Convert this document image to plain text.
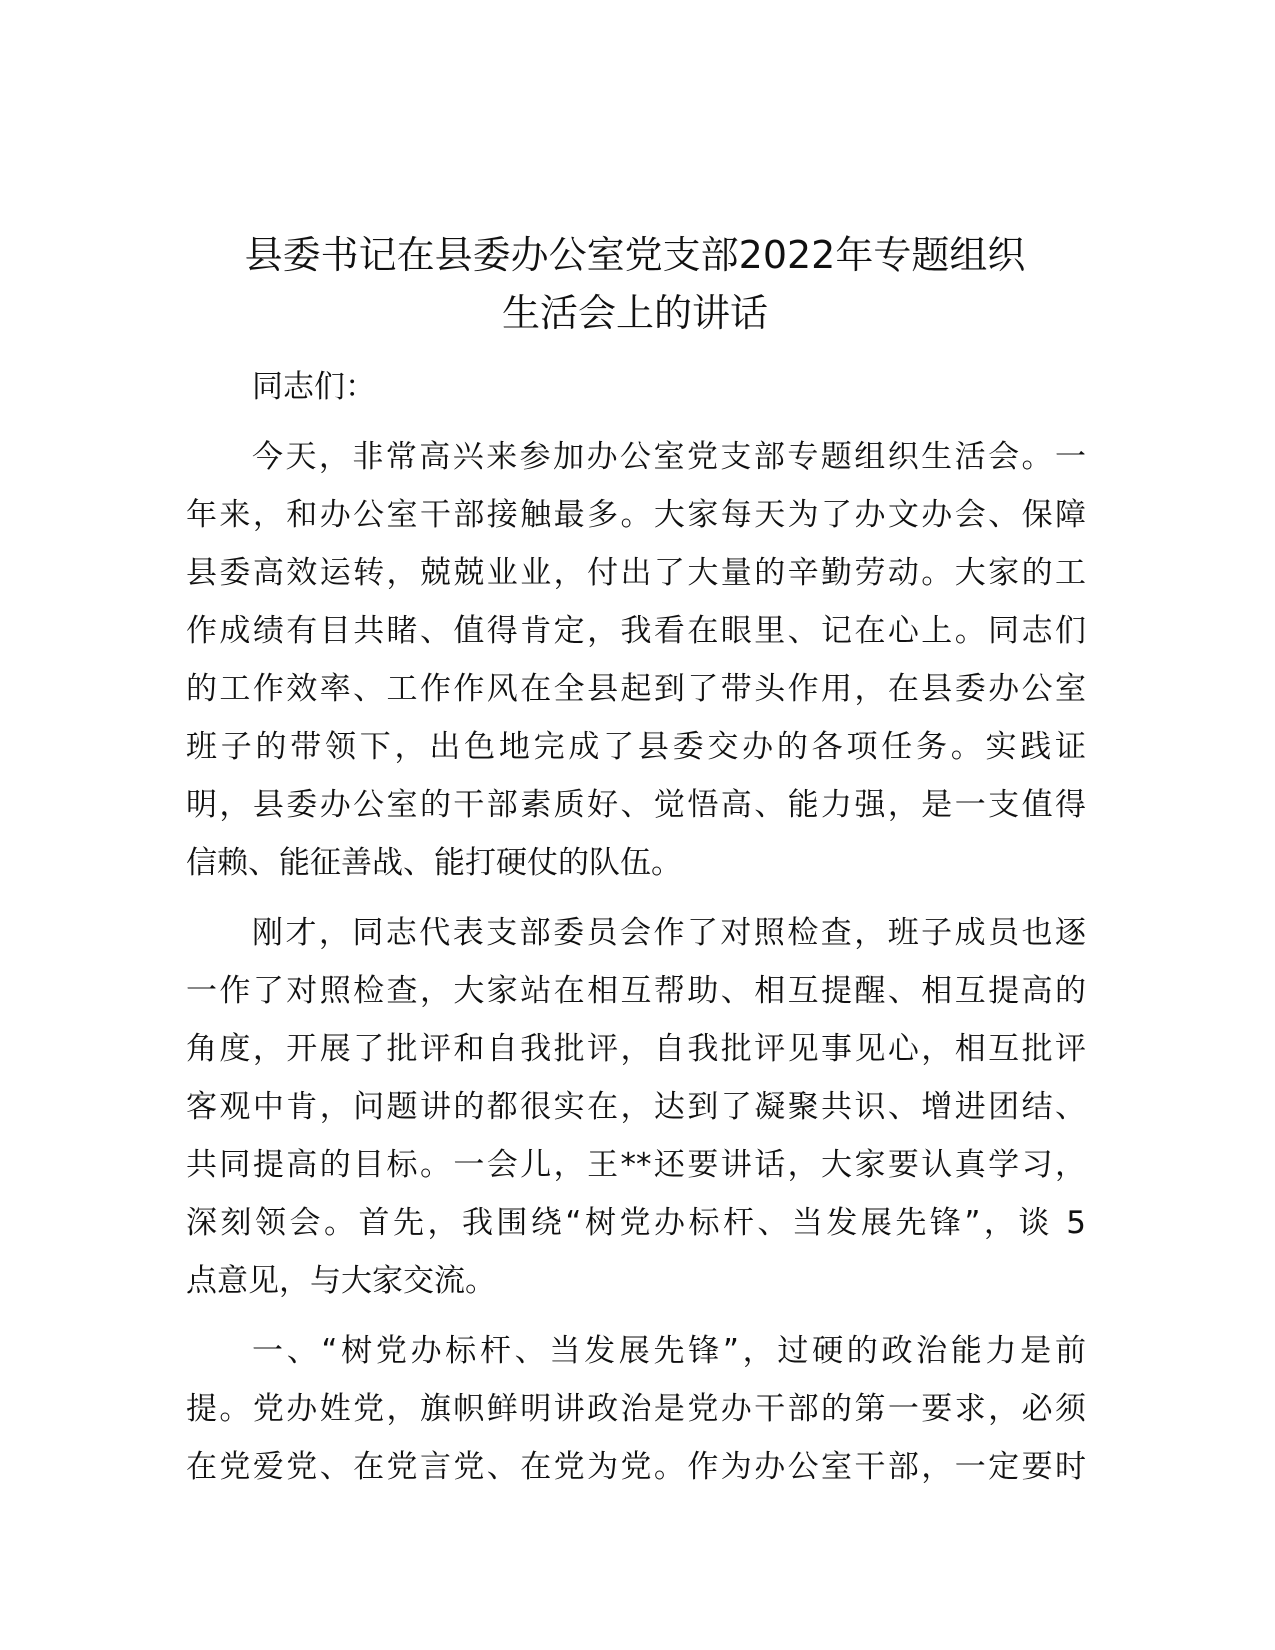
县委书记在县委办公室党支部2022年专题组织
生活会上的讲话

同志们：

今天，非常高兴来参加办公室党支部专题组织生活会。一
年来，和办公室干部接触最多。大家每天为了办文办会、保障
县委高效运转，兢兢业业，付出了大量的辛勤劳动。大家的工
作成绩有目共睹、值得肯定，我看在眼里、记在心上。同志们
的工作效率、工作作风在全县起到了带头作用，在县委办公室
班子的带领下，出色地完成了县委交办的各项任务。实践证
明，县委办公室的干部素质好、觉悟高、能力强，是一支值得
信赖、能征善战、能打硬仗的队伍。
刚才，同志代表支部委员会作了对照检查，班子成员也逐
一作了对照检查，大家站在相互帮助、相互提醒、相互提高的
角度，开展了批评和自我批评，自我批评见事见心，相互批评
客观中肯，问题讲的都很实在，达到了凝聚共识、增进团结、
共同提高的目标。一会儿，王**还要讲话，大家要认真学习，
深刻领会。首先，我围绕“树党办标杆、当发展先锋”，谈 5
点意见，与大家交流。
一、“树党办标杆、当发展先锋”，过硬的政治能力是前
提。党办姓党，旗帜鲜明讲政治是党办干部的第一要求，必须
在党爱党、在党言党、在党为党。作为办公室干部，一定要时
